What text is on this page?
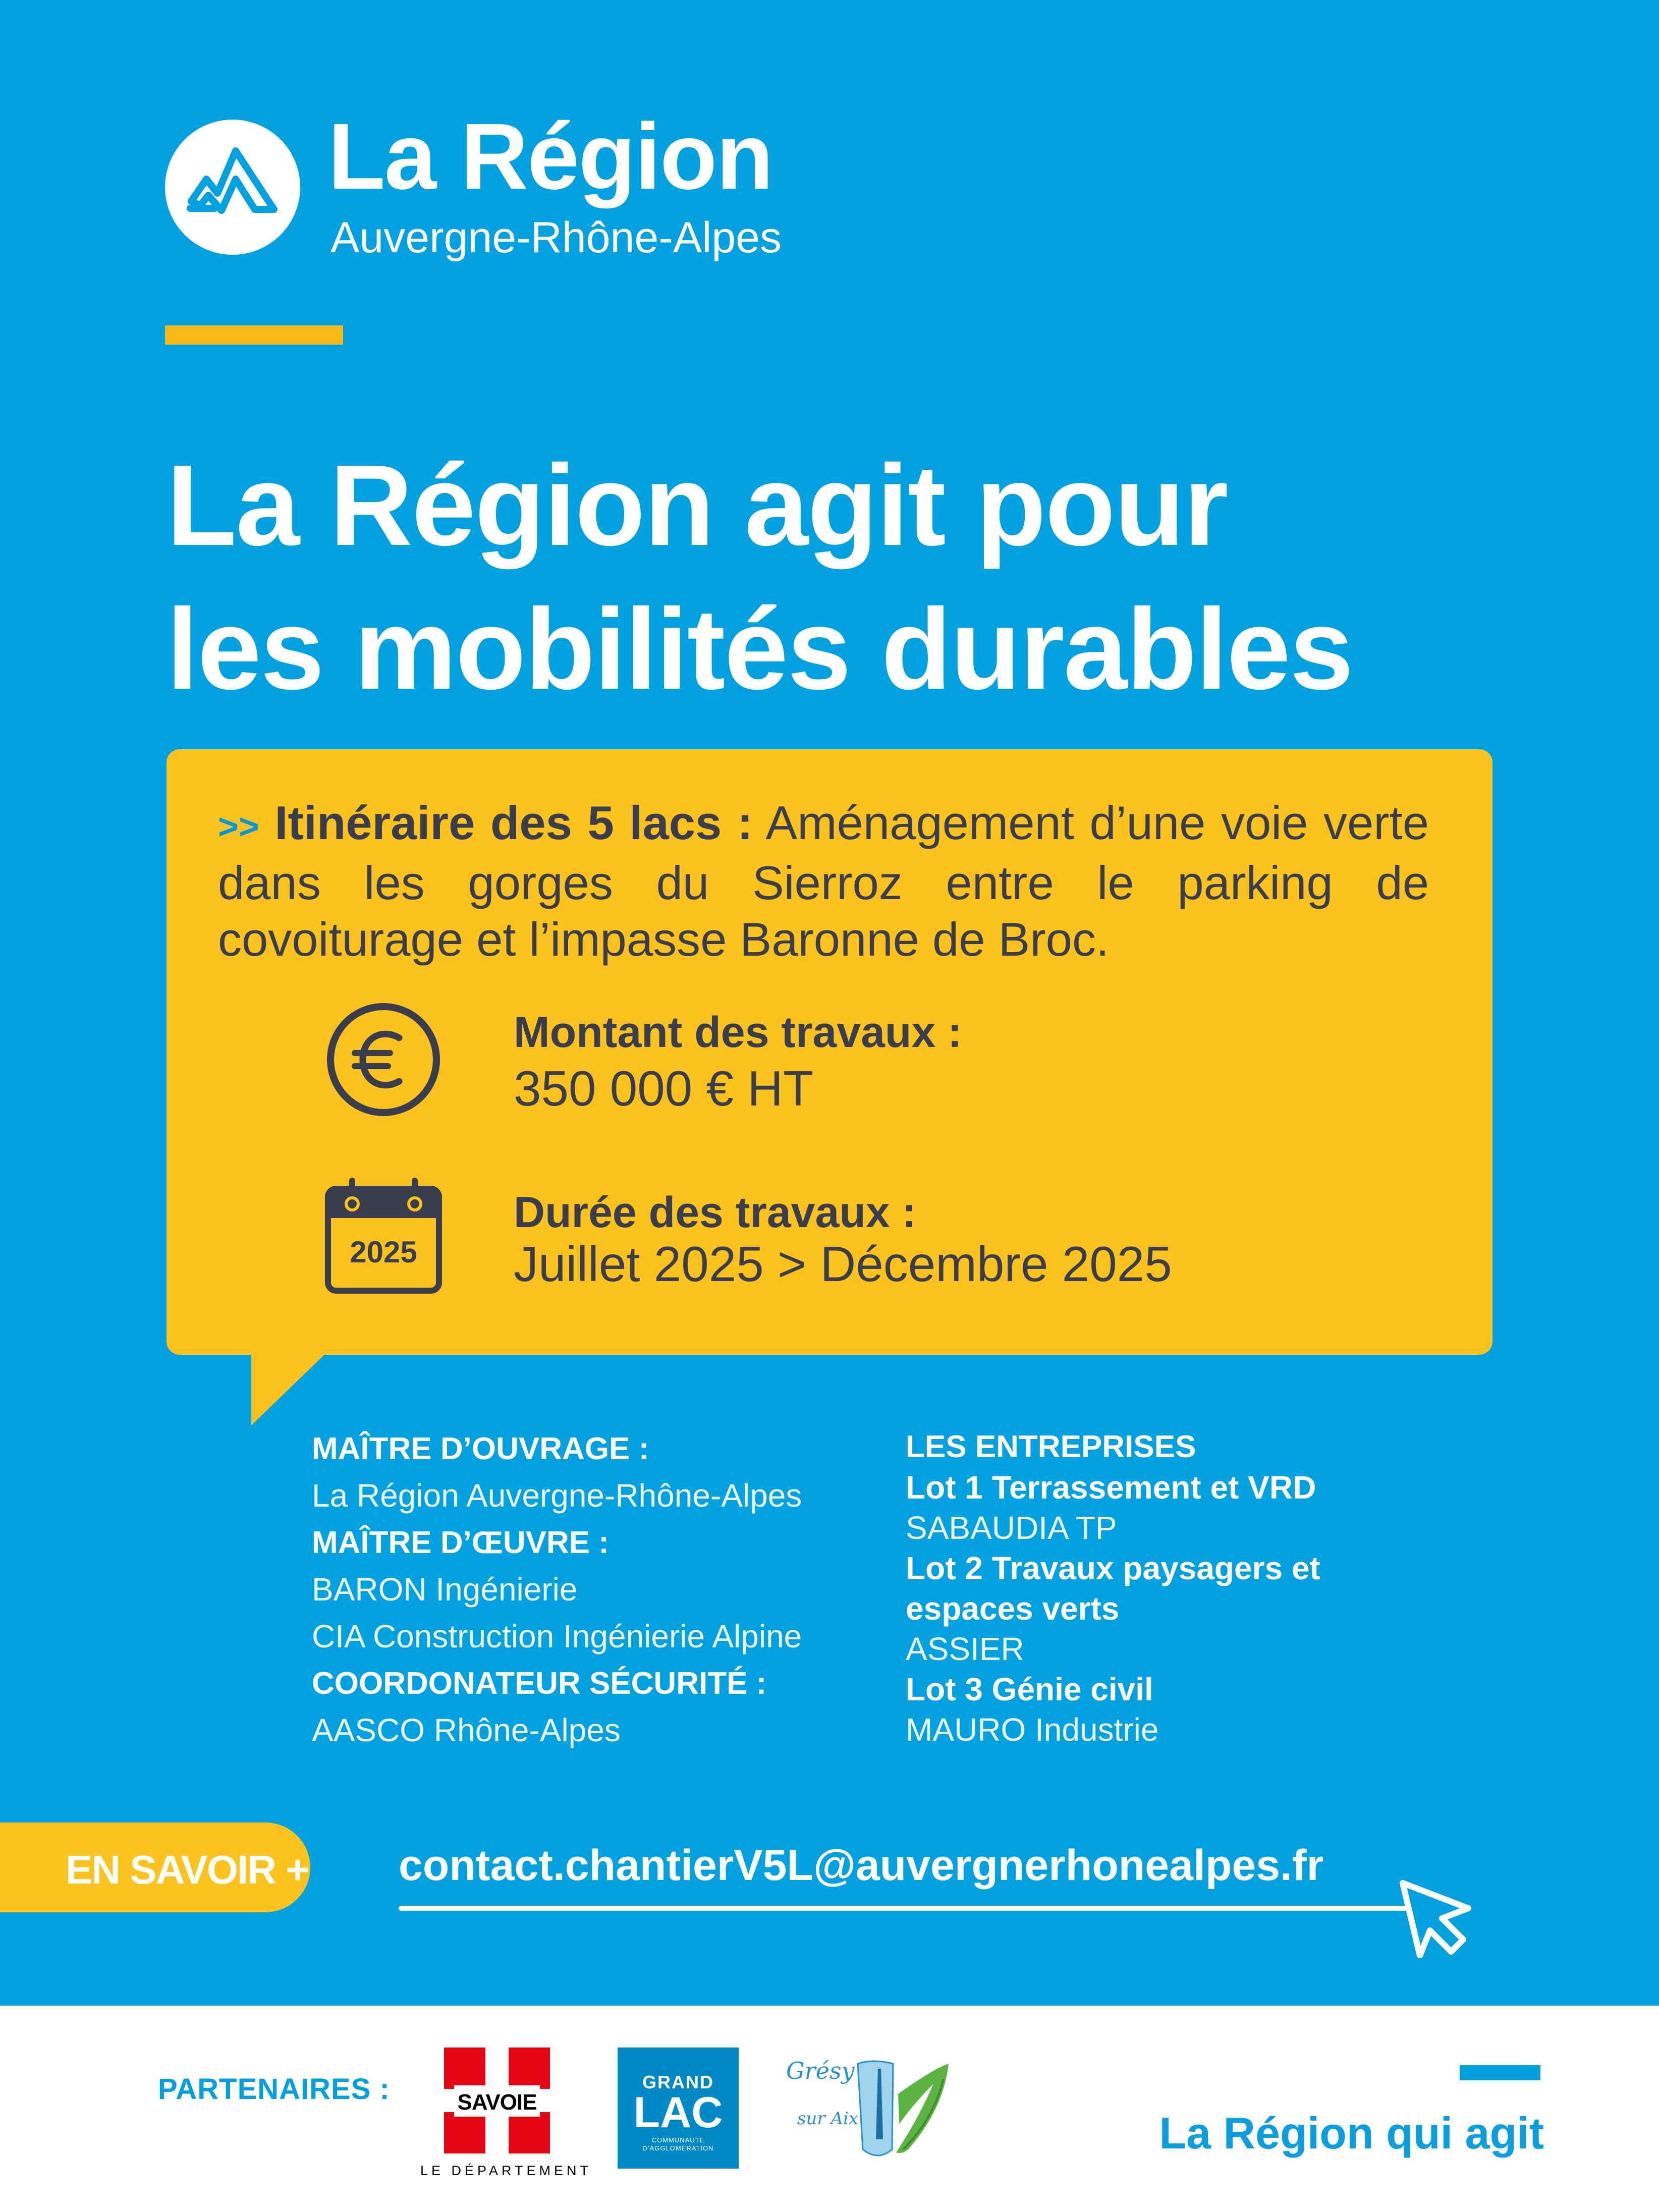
La Région
Auvergne-Rhône-Alpes
La Région agit pour
les mobilités durables
>> Itinéraire des 5 lacs : Aménagement d’une voie verte dans les gorges du Sierroz entre le parking de covoiturage et l’impasse Baronne de Broc.
Montant des travaux :
350 000 € HT
2025
Durée des travaux :
Juillet 2025 > Décembre 2025
MAÎTRE D’OUVRAGE :
La Région Auvergne-Rhône-Alpes
MAÎTRE D’ŒUVRE :
BARON Ingénierie
CIA Construction Ingénierie Alpine
COORDONATEUR SÉCURITÉ :
AASCO Rhône-Alpes
LES ENTREPRISES
Lot 1 Terrassement et VRD
SABAUDIA TP
Lot 2 Travaux paysagers et
espaces verts
ASSIER
Lot 3 Génie civil
MAURO Industrie
EN SAVOIR + contact.chantierV5L@auvergnerhonealpes.fr
PARTENAIRES :	SAVOIE
LE DÉPARTEMENT
GRAND
LAC
COMMUNAUTÉ D’AGGLOMÉRATION
Grésy
sur Aix	La Région qui agit
